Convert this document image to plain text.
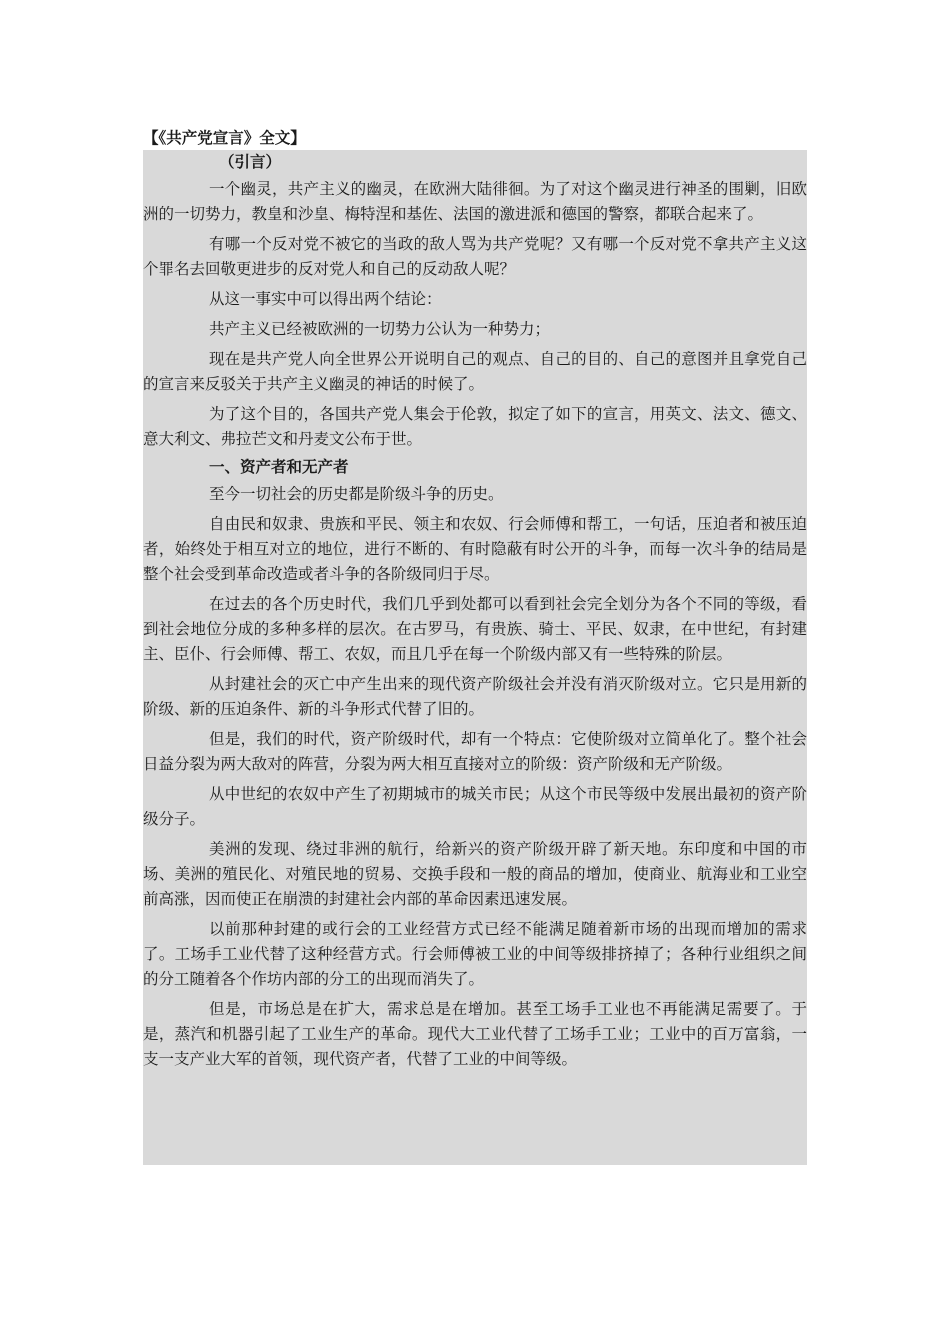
【《共产党宣言》全文】
（引言）

一个幽灵，共产主义的幽灵，在欧洲大陆徘徊。为了对这个幽灵进行神圣的围剿，旧欧洲的一切势力，教皇和沙皇、梅特涅和基佐、法国的激进派和德国的警察，都联合起来了。

有哪一个反对党不被它的当政的敌人骂为共产党呢？又有哪一个反对党不拿共产主义这个罪名去回敬更进步的反对党人和自己的反动敌人呢？

从这一事实中可以得出两个结论：

共产主义已经被欧洲的一切势力公认为一种势力；

现在是共产党人向全世界公开说明自己的观点、自己的目的、自己的意图并且拿党自己的宣言来反驳关于共产主义幽灵的神话的时候了。

为了这个目的，各国共产党人集会于伦敦，拟定了如下的宣言，用英文、法文、德文、意大利文、弗拉芒文和丹麦文公布于世。

一、资产者和无产者

至今一切社会的历史都是阶级斗争的历史。

自由民和奴隶、贵族和平民、领主和农奴、行会师傅和帮工，一句话，压迫者和被压迫者，始终处于相互对立的地位，进行不断的、有时隐蔽有时公开的斗争，而每一次斗争的结局是整个社会受到革命改造或者斗争的各阶级同归于尽。

在过去的各个历史时代，我们几乎到处都可以看到社会完全划分为各个不同的等级，看到社会地位分成的多种多样的层次。在古罗马，有贵族、骑士、平民、奴隶，在中世纪，有封建主、臣仆、行会师傅、帮工、农奴，而且几乎在每一个阶级内部又有一些特殊的阶层。

从封建社会的灭亡中产生出来的现代资产阶级社会并没有消灭阶级对立。它只是用新的阶级、新的压迫条件、新的斗争形式代替了旧的。

但是，我们的时代，资产阶级时代，却有一个特点：它使阶级对立简单化了。整个社会日益分裂为两大敌对的阵营，分裂为两大相互直接对立的阶级：资产阶级和无产阶级。

从中世纪的农奴中产生了初期城市的城关市民；从这个市民等级中发展出最初的资产阶级分子。

美洲的发现、绕过非洲的航行，给新兴的资产阶级开辟了新天地。东印度和中国的市场、美洲的殖民化、对殖民地的贸易、交换手段和一般的商品的增加，使商业、航海业和工业空前高涨，因而使正在崩溃的封建社会内部的革命因素迅速发展。

以前那种封建的或行会的工业经营方式已经不能满足随着新市场的出现而增加的需求了。工场手工业代替了这种经营方式。行会师傅被工业的中间等级排挤掉了；各种行业组织之间的分工随着各个作坊内部的分工的出现而消失了。

但是，市场总是在扩大，需求总是在增加。甚至工场手工业也不再能满足需要了。于是，蒸汽和机器引起了工业生产的革命。现代大工业代替了工场手工业；工业中的百万富翁，一支一支产业大军的首领，现代资产者，代替了工业的中间等级。
